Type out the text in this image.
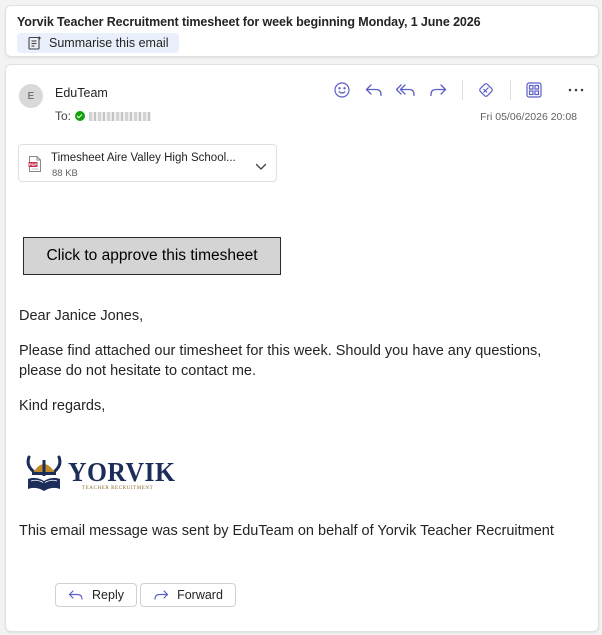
Yorvik Teacher Recruitment timesheet for week beginning Monday, 1 June 2026
Summarise this email
E	EduTeam
To:	Fri 05/06/2026 20:08
PDF
Timesheet Aire Valley High School...
88 KB
Click to approve this timesheet
Dear Janice Jones,
Please find attached our timesheet for this week. Should you have any questions, please do not hesitate to contact me.
Kind regards,
YORVIK
TEACHER RECRUITMENT
This email message was sent by EduTeam on behalf of Yorvik Teacher Recruitment
Reply	Forward
